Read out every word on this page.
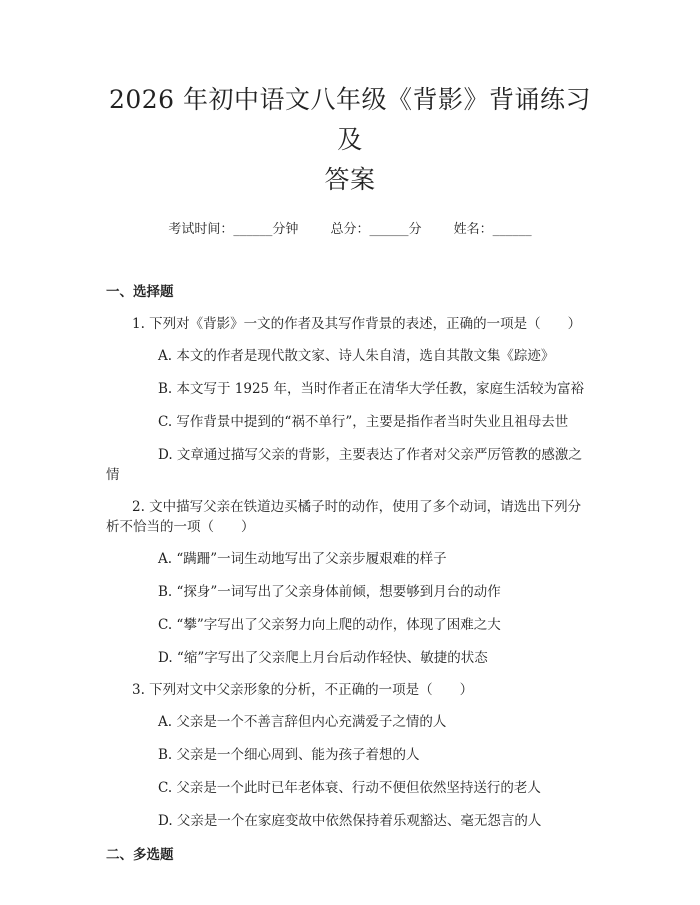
2026 年初中语文八年级《背影》背诵练习及
答案
考试时间：______分钟 总分：______分 姓名：______
一、选择题
1. 下列对《背影》一文的作者及其写作背景的表述，正确的一项是（　　）
A. 本文的作者是现代散文家、诗人朱自清，选自其散文集《踪迹》
B. 本文写于 1925 年，当时作者正在清华大学任教，家庭生活较为富裕
C. 写作背景中提到的“祸不单行”，主要是指作者当时失业且祖母去世
D. 文章通过描写父亲的背影，主要表达了作者对父亲严厉管教的感激之情
2. 文中描写父亲在铁道边买橘子时的动作，使用了多个动词，请选出下列分析不恰当的一项（　　）
A. “蹒跚”一词生动地写出了父亲步履艰难的样子
B. “探身”一词写出了父亲身体前倾，想要够到月台的动作
C. “攀”字写出了父亲努力向上爬的动作，体现了困难之大
D. “缩”字写出了父亲爬上月台后动作轻快、敏捷的状态
3. 下列对文中父亲形象的分析，不正确的一项是（　　）
A. 父亲是一个不善言辞但内心充满爱子之情的人
B. 父亲是一个细心周到、能为孩子着想的人
C. 父亲是一个此时已年老体衰、行动不便但依然坚持送行的老人
D. 父亲是一个在家庭变故中依然保持着乐观豁达、毫无怨言的人
二、多选题
